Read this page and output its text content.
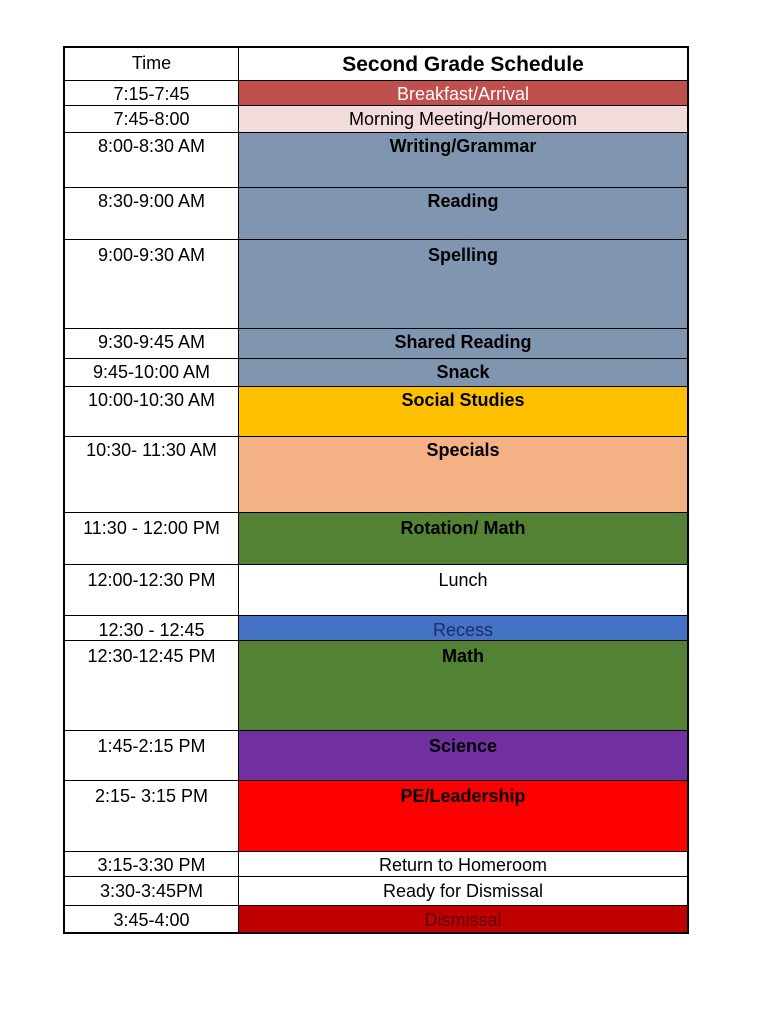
Time	Second Grade Schedule
7:15-7:45	Breakfast/Arrival
7:45-8:00	Morning Meeting/Homeroom
8:00-8:30 AM	Writing/Grammar
8:30-9:00 AM	Reading
9:00-9:30 AM	Spelling
9:30-9:45 AM	Shared Reading
9:45-10:00 AM	Snack
10:00-10:30 AM	Social Studies
10:30- 11:30 AM	Specials
11:30 - 12:00 PM	Rotation/ Math
12:00-12:30 PM	Lunch
12:30 - 12:45	Recess
12:30-12:45 PM	Math
1:45-2:15 PM	Science
2:15- 3:15 PM	PE/Leadership
3:15-3:30 PM	Return to Homeroom
3:30-3:45PM	Ready for Dismissal
3:45-4:00	Dismissal
